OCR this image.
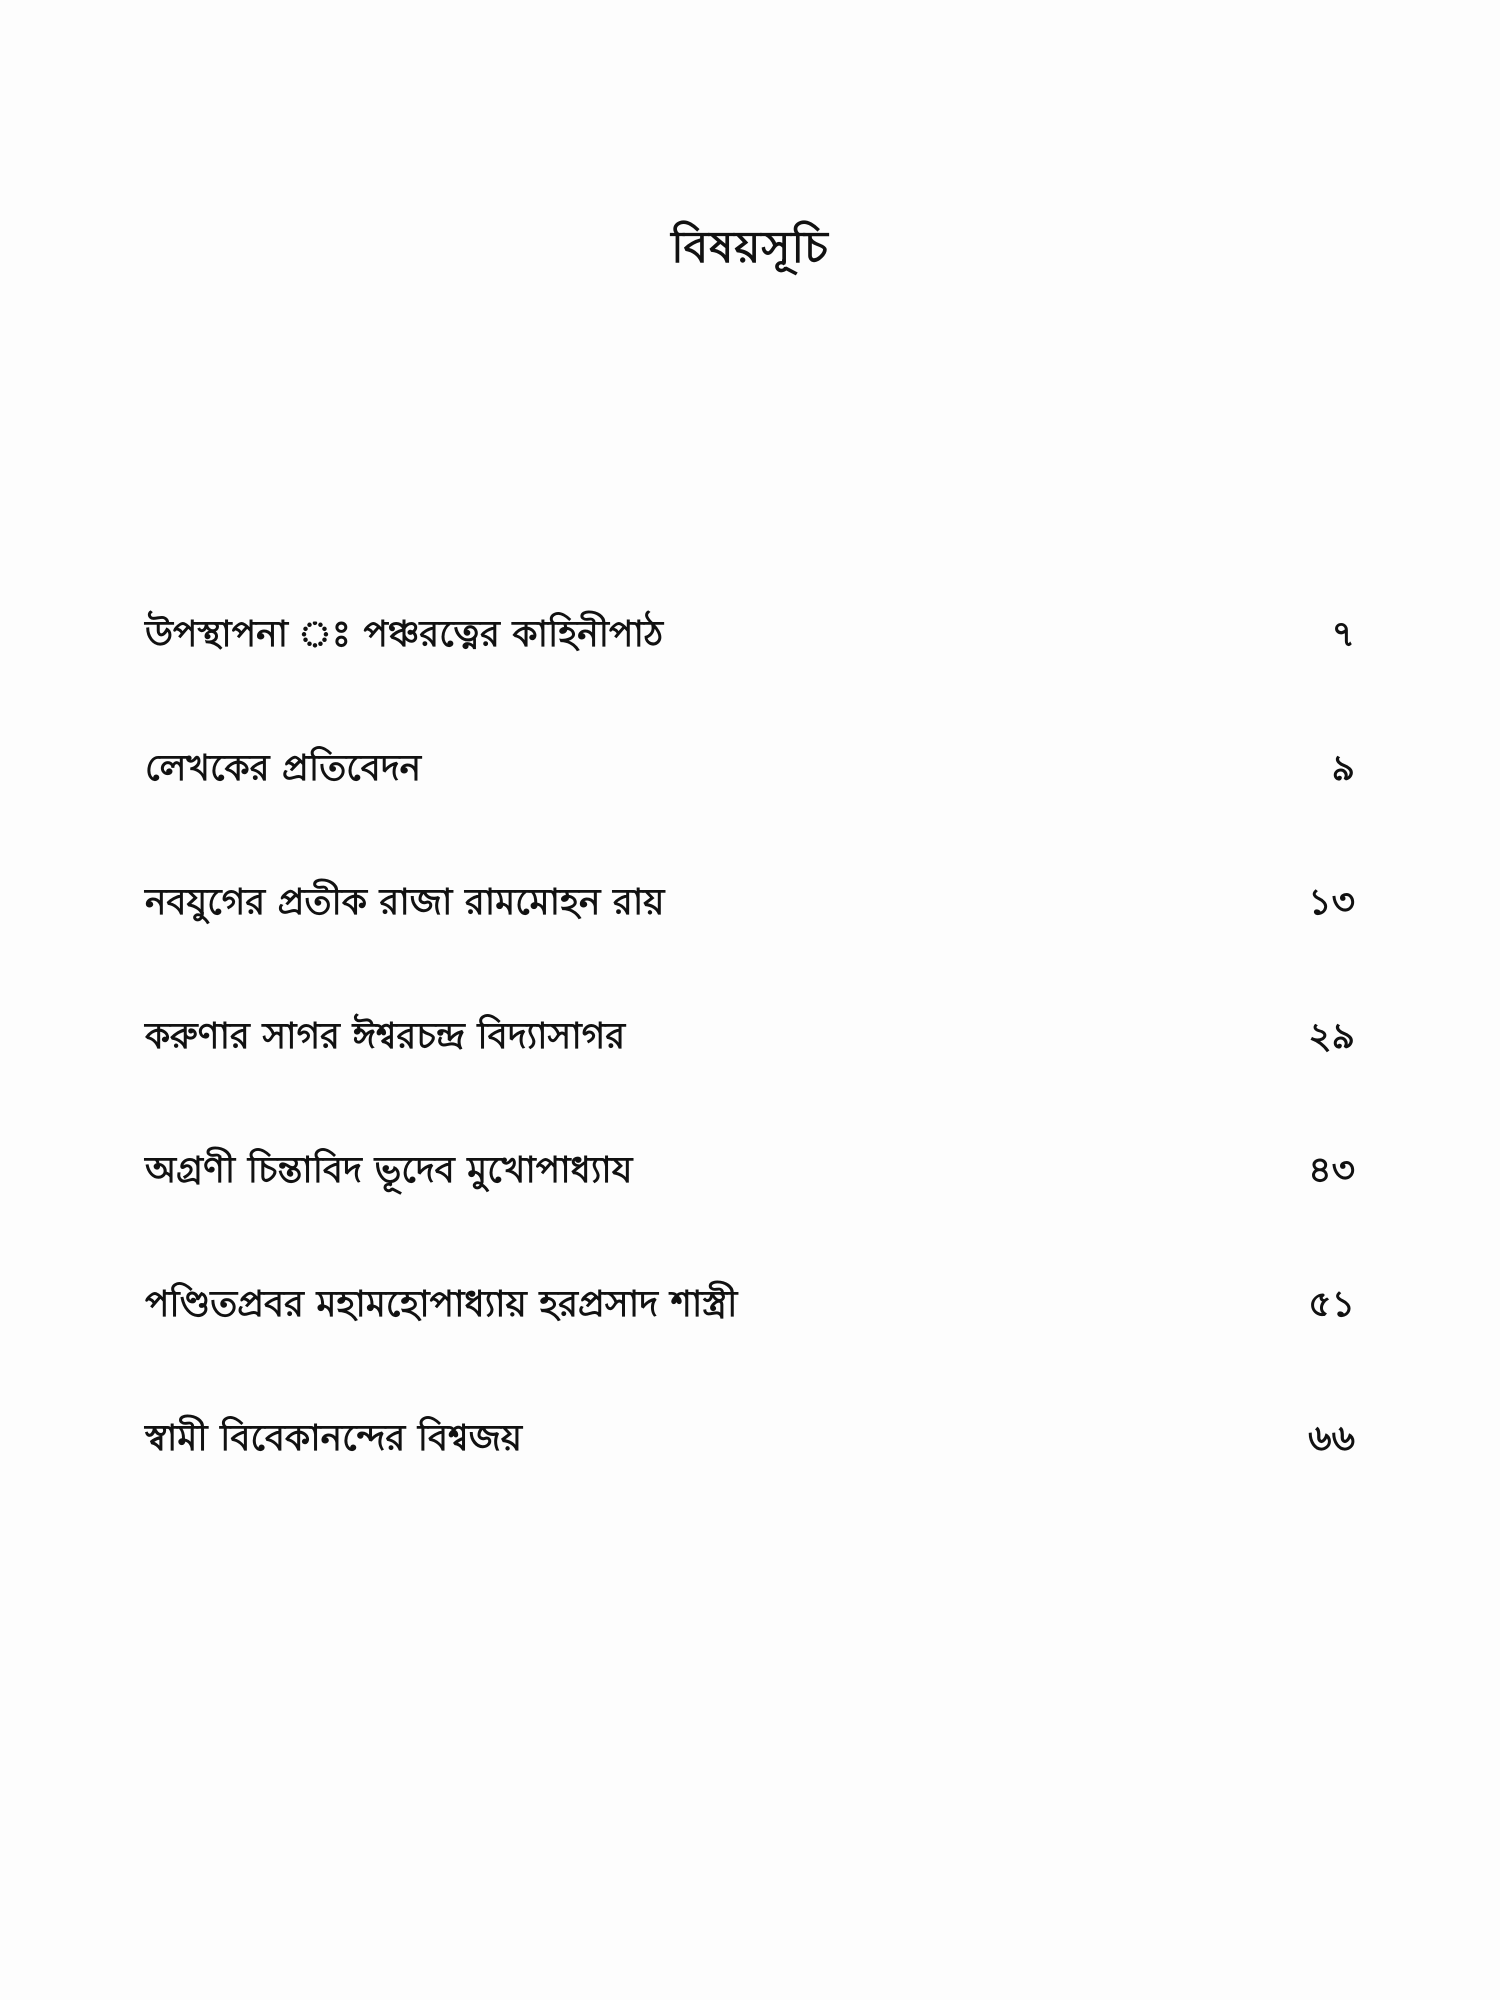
বিষয়সূচি
উপস্থাপনা ঃ পঞ্চরত্নের কাহিনীপাঠ	৭
লেখকের প্রতিবেদন	৯
নবযুগের প্রতীক রাজা রামমোহন রায়	১৩
করুণার সাগর ঈশ্বরচন্দ্র বিদ্যাসাগর	২৯
অগ্রণী চিন্তাবিদ ভূদেব মুখোপাধ্যায	৪৩
পণ্ডিতপ্রবর মহামহোপাধ্যায় হরপ্রসাদ শাস্ত্রী	৫১
স্বামী বিবেকানন্দের বিশ্বজয়	৬৬
